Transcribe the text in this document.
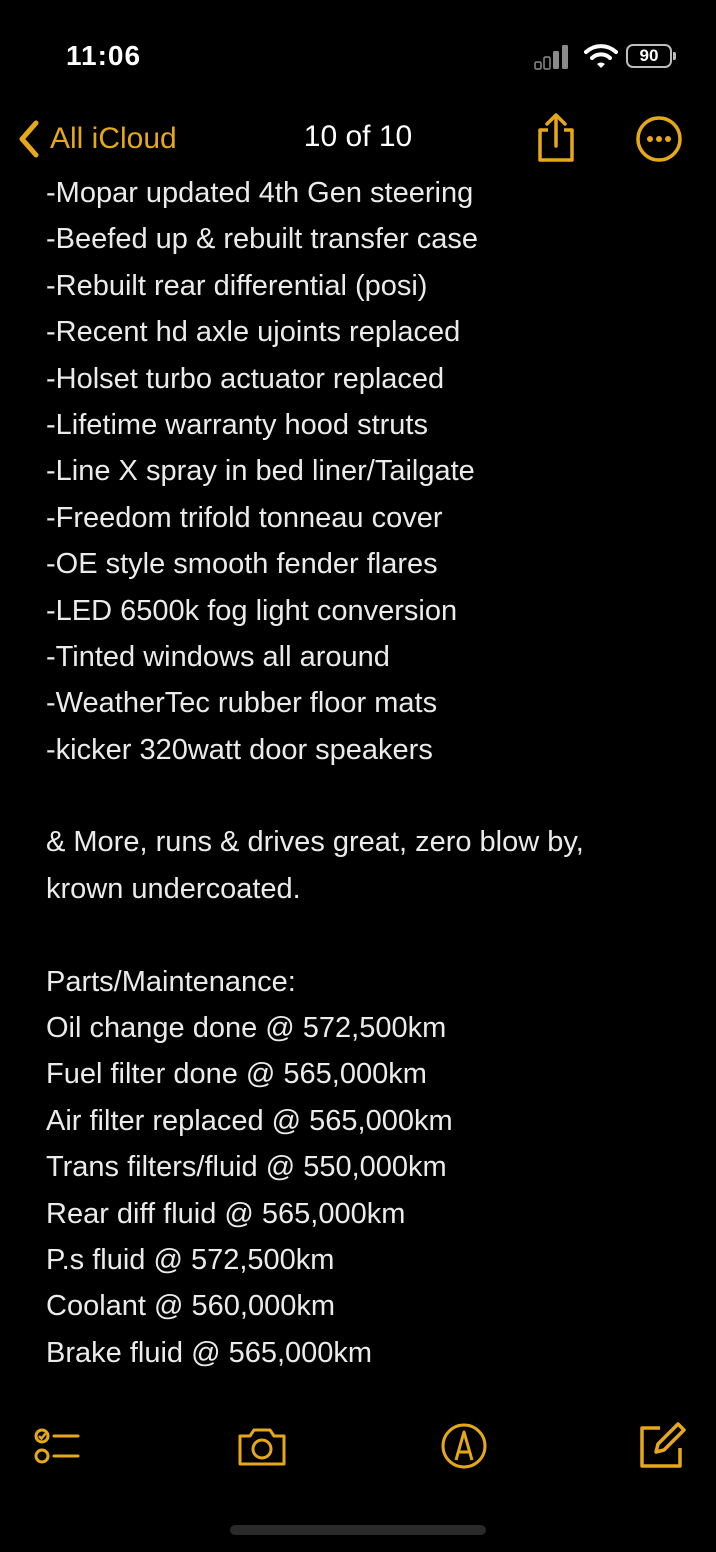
11:06	90
All iCloud	10 of 10
-Mopar updated 4th Gen steering
-Beefed up & rebuilt transfer case
-Rebuilt rear differential (posi)
-Recent hd axle ujoints replaced
-Holset turbo actuator replaced
-Lifetime warranty hood struts
-Line X spray in bed liner/Tailgate
-Freedom trifold tonneau cover
-OE style smooth fender flares
-LED 6500k fog light conversion
-Tinted windows all around
-WeatherTec rubber floor mats
-kicker 320watt door speakers
& More, runs & drives great, zero blow by,
krown undercoated.
Parts/Maintenance:
Oil change done @ 572,500km
Fuel filter done @ 565,000km
Air filter replaced @ 565,000km
Trans filters/fluid @ 550,000km
Rear diff fluid @ 565,000km
P.s fluid @ 572,500km
Coolant @ 560,000km
Brake fluid @ 565,000km
